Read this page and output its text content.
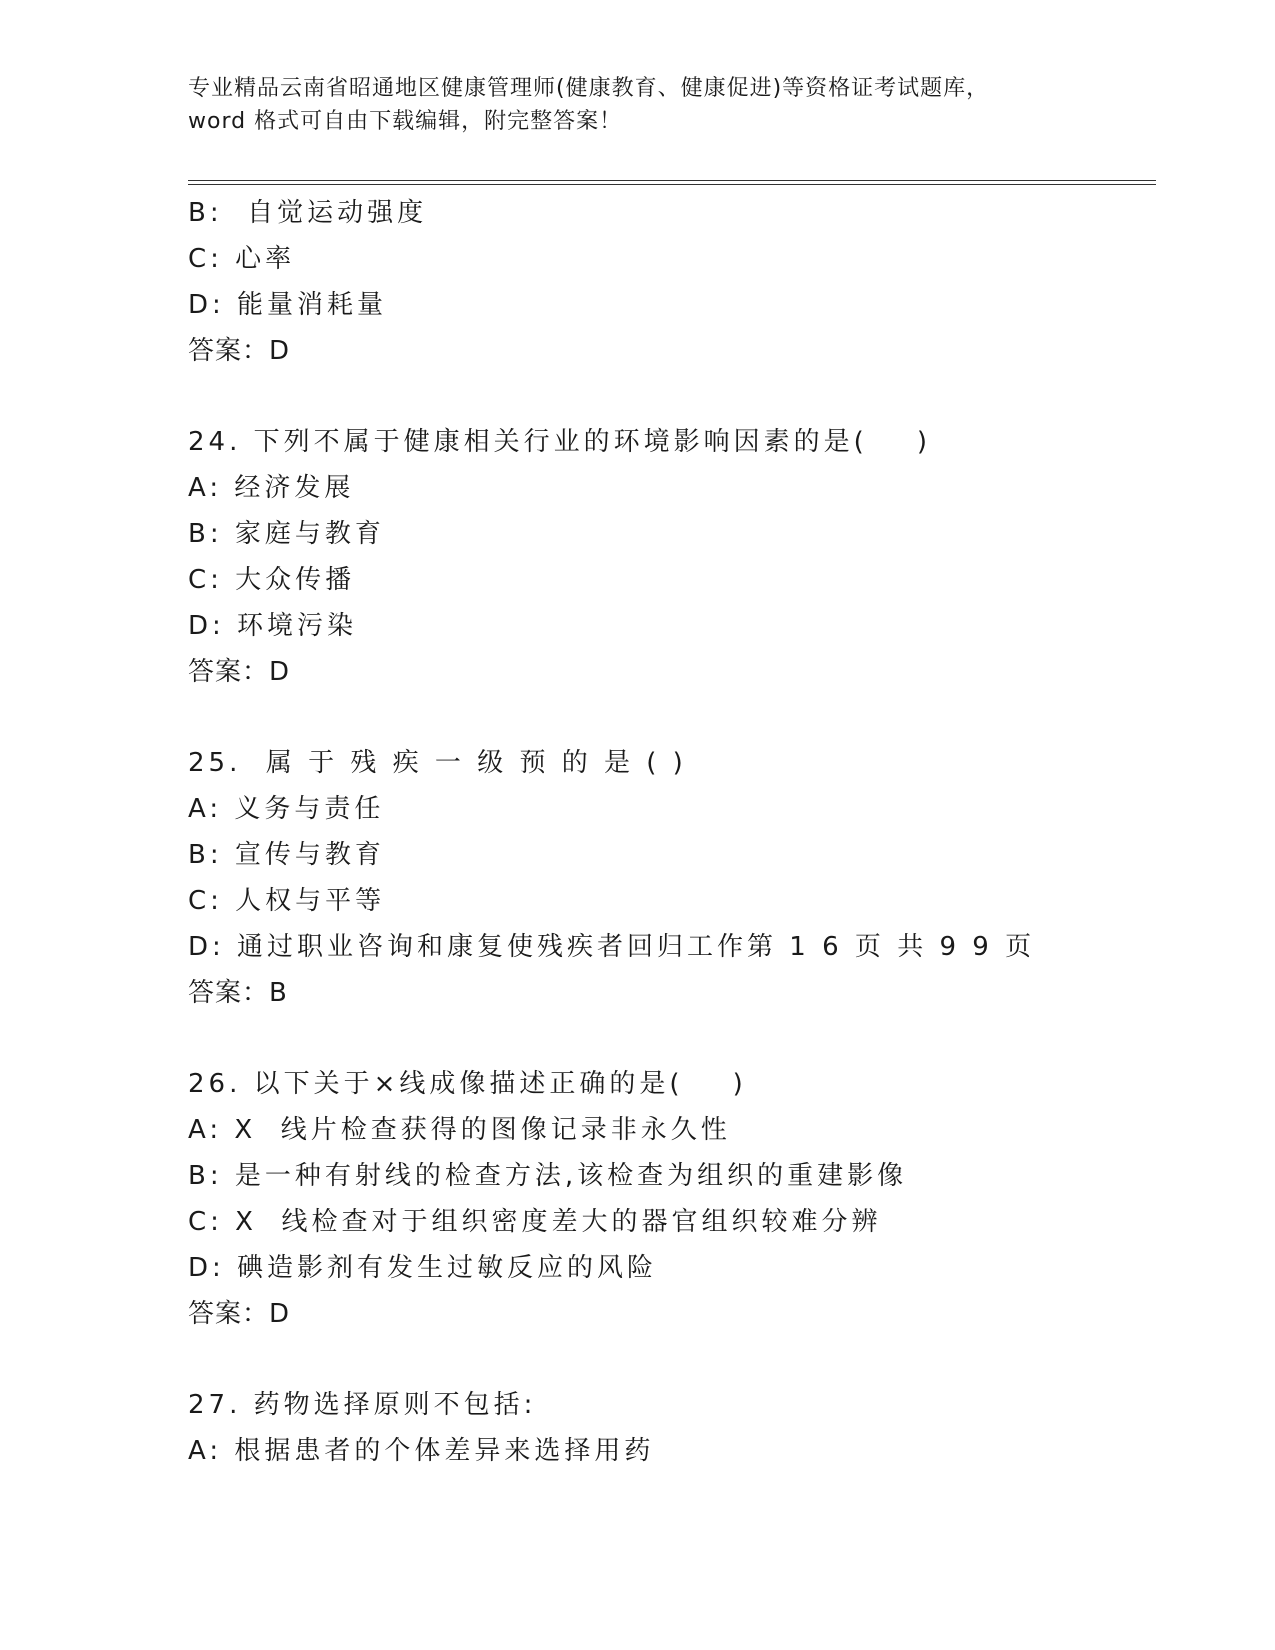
专业精品云南省昭通地区健康管理师(健康教育、健康促进)等资格证考试题库，
word 格式可自由下载编辑，附完整答案！
B:  自觉运动强度
C: 心率
D: 能量消耗量
答案：D
24. 下列不属于健康相关行业的环境影响因素的是(    )
A: 经济发展
B: 家庭与教育
C: 大众传播
D: 环境污染
答案：D
25.  属 于 残 疾 一 级 预 的 是 ( )
A: 义务与责任
B: 宣传与教育
C: 人权与平等
D: 通过职业咨询和康复使残疾者回归工作第 1 6 页 共 9 9 页
答案：B
26. 以下关于×线成像描述正确的是(    )
A: X  线片检查获得的图像记录非永久性
B: 是一种有射线的检查方法,该检查为组织的重建影像
C: X  线检查对于组织密度差大的器官组织较难分辨
D: 碘造影剂有发生过敏反应的风险
答案：D
27. 药物选择原则不包括:
A: 根据患者的个体差异来选择用药
